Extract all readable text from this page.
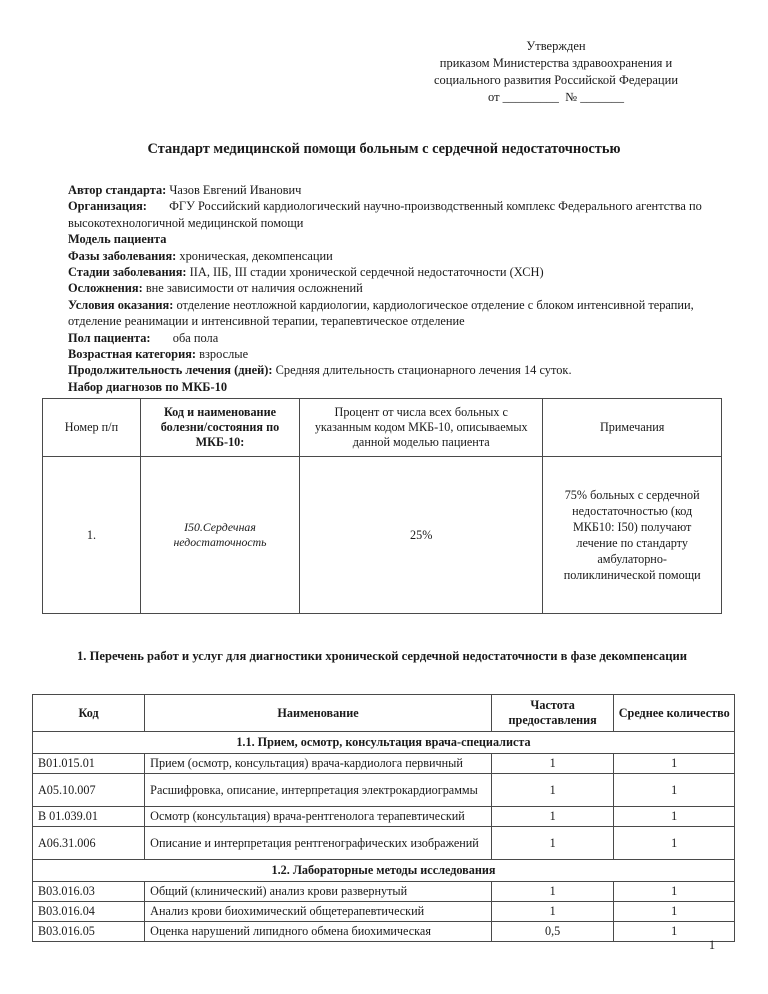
Утвержден
приказом Министерства здравоохранения и
социального развития Российской Федерации
от _________  № _______
Стандарт медицинской помощи больным с сердечной недостаточностью

Автор стандарта: Чазов Евгений Иванович

Организация: ФГУ Российский кардиологический научно-производственный комплекс Федерального агентства по высокотехнологичной медицинской помощи

Модель пациента

Фазы заболевания: хроническая, декомпенсации

Стадии заболевания: IIА, IIБ, III стадии хронической сердечной недостаточности (ХСН)

Осложнения: вне зависимости от наличия осложнений

Условия оказания: отделение неотложной кардиологии, кардиологическое отделение с блоком интенсивной терапии, отделение реанимации и интенсивной терапии, терапевтическое отделение

Пол пациента: оба пола

Возрастная категория: взрослые

Продолжительность лечения (дней): Средняя длительность стационарного лечения 14 суток.

Набор диагнозов по МКБ-10

Номер п/п	Код и наименование болезни/состояния по МКБ-10:	Процент от числа всех больных с указанным кодом МКБ-10, описываемых данной моделью пациента	Примечания
1.	I50.Сердечная недостаточность	25%	75% больных с сердечной недостаточностью (код МКБ10: I50) получают лечение по стандарту амбулаторно-поликлинической помощи
1. Перечень работ и услуг для диагностики хронической сердечной недостаточности в фазе декомпенсации
Код	Наименование	Частота предоставления	Среднее количество
1.1. Прием, осмотр, консультация врача-специалиста			
В01.015.01	Прием (осмотр, консультация) врача-кардиолога первичный	1	1
А05.10.007	Расшифровка, описание, интерпретация электрокардиограммы	1	1
В 01.039.01	Осмотр (консультация) врача-рентгенолога терапевтический	1	1
А06.31.006	Описание и интерпретация рентгенографических изображений	1	1
1.2. Лабораторные методы исследования			
В03.016.03	Общий (клинический) анализ крови развернутый	1	1
В03.016.04	Анализ крови биохимический общетерапевтический	1	1
В03.016.05	Оценка нарушений липидного обмена биохимическая	0,5	1
1
